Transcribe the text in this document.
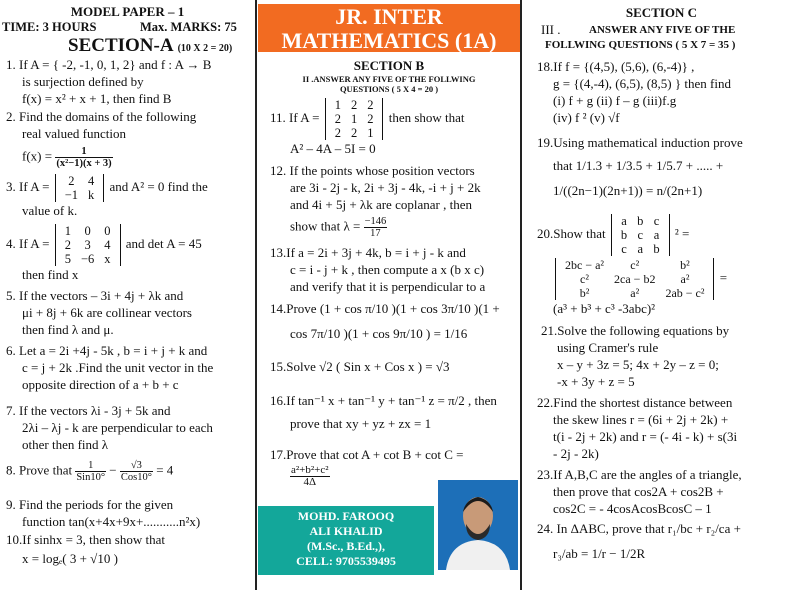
MODEL PAPER – 1
TIME: 3 HOURS	Max. MARKS: 75
SECTION-A (10 X 2 = 20)
1. If A = { -2, -1, 0, 1, 2} and f : A → B
is surjection defined by
f(x) = x² + x + 1, then find B
2. Find the domains of the following
real valued function
$f(x) = \frac{1}{\text{(x²−1)(x + 3)}}$
3. If A = 2	4
−1	k
and A² = 0 find the
value of k.
4. If A =
1	0	0
2	3	4
5	−6	x
and det A = 45
then find x
5. If the vectors – 3i + 4j + λk and
μi + 8j + 6k are collinear vectors
then find λ and μ.
6. Let a = 2i +4j - 5k , b = i + j + k and
c = j + 2k .Find the unit vector in the
opposite direction of a + b + c
7. If the vectors λi - 3j + 5k and
2λi – λj - k are perpendicular to each
other then find λ
8. Prove that $\frac{1}{\text{Sin10°}} - \frac{√3}{\text{Cos10°}} = 4$
9. Find the periods for the given
function tan(x+4x+9x+...........n²x)
10.If sinhx = 3, then show that
x = logₑ( 3 + √10 )
JR. INTER
MATHEMATICS (1A)
SECTION B
II .ANSWER ANY FIVE OF THE FOLLWING
QUESTIONS ( 5 X 4 = 20 )
11. If A =
1	2	2
2	1	2
2	2	1
then show that
A² – 4A – 5I = 0
12. If the points whose position vectors
are 3i - 2j - k, 2i + 3j - 4k, -i + j + 2k
and 4i + 5j + λk are coplanar , then
show that $\lambda = \frac{-146}{17}$
13.If a = 2i + 3j + 4k, b = i + j - k and
c = i - j + k , then compute a x (b x c)
and verify that it is perpendicular to a
14.Prove (1 + cos π/10 )(1 + cos 3π/10 )(1 +
cos 7π/10 )(1 + cos 9π/10 ) = 1/16
15.Solve √2 ( Sin x + Cos x ) = √3
16.If tan⁻¹ x + tan⁻¹ y + tan⁻¹ z = π/2 , then
prove that xy + yz + zx = 1
17.Prove that cot A + cot B + cot C =
$\frac{\text{a²+b²+c²}}{4\Delta}$
MOHD. FAROOQ
ALI KHALID
(M.Sc., B.Ed.,),
CELL: 9705539495
SECTION C
III .	ANSWER ANY FIVE OF THE
FOLLWING QUESTIONS ( 5 X 7 = 35 )
18.If f = {(4,5), (5,6), (6,-4)} ,
g = {(4,-4), (6,5), (8,5) } then find
(i) f + g (ii) f – g (iii)f.g
(iv) f ² (v) √f
19.Using mathematical induction prove
that 1/1.3 + 1/3.5 + 1/5.7 + ..... +
1/((2n−1)(2n+1)) = n/(2n+1)
20.Show that
a	b	c
b	c	a
c	a	b
² =
2bc − a²	c²	b²
c²	2ca − b2	a²
b²	a²	2ab − c²
=
(a³ + b³ + c³ -3abc)²
21.Solve the following equations by
using Cramer's rule
x – y + 3z = 5; 4x + 2y – z = 0;
-x + 3y + z = 5
22.Find the shortest distance between
the skew lines r = (6i + 2j + 2k) +
t(i - 2j + 2k) and r = (- 4i - k) + s(3i
- 2j - 2k)
23.If A,B,C are the angles of a triangle,
then prove that cos2A + cos2B +
cos2C = - 4cosAcosBcosC – 1
24. In ΔABC, prove that r₁/bc + r₂/ca +
r₃/ab = 1/r − 1/2R
